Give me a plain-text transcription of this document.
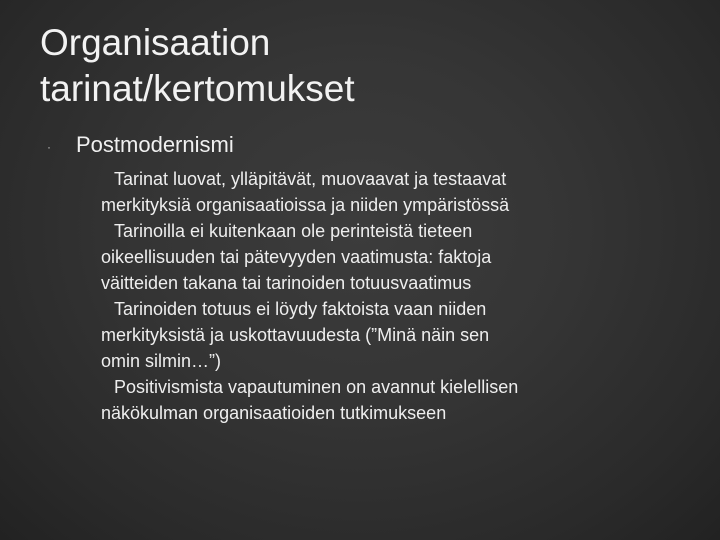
Organisaation
tarinat/kertomukset
· Postmodernismi
Tarinat luovat, ylläpitävät, muovaavat ja testaavat
merkityksiä organisaatioissa ja niiden ympäristössä
Tarinoilla ei kuitenkaan ole perinteistä tieteen
oikeellisuuden tai pätevyyden vaatimusta: faktoja
väitteiden takana tai tarinoiden totuusvaatimus
Tarinoiden totuus ei löydy faktoista vaan niiden
merkityksistä ja uskottavuudesta (”Minä näin sen
omin silmin…”)
Positivismista vapautuminen on avannut kielellisen
näkökulman organisaatioiden tutkimukseen
